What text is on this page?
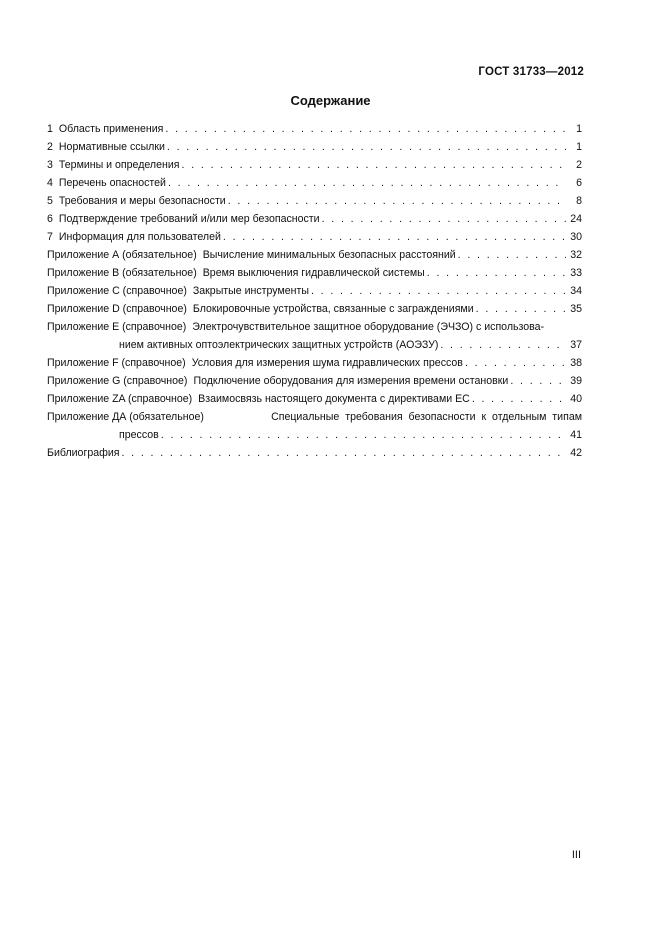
ГОСТ 31733—2012
Содержание
1 Область применения . . .	1
2 Нормативные ссылки . . .	1
3 Термины и определения . . .	2
4 Перечень опасностей . . .	6
5 Требования и меры безопасности . . .	8
6 Подтверждение требований и/или мер безопасности . . .	24
7 Информация для пользователей . . .	30
Приложение А (обязательное) Вычисление минимальных безопасных расстояний . . .	32
Приложение В (обязательное) Время выключения гидравлической системы . . .	33
Приложение С (справочное) Закрытые инструменты . . .	34
Приложение D (справочное) Блокировочные устройства, связанные с заграждениями . . .	35
Приложение Е (справочное) Электрочувствительное защитное оборудование (ЭЧЗО) с использова-
нием активных оптоэлектрических защитных устройств (АОЭЗУ) . . .	37
Приложение F (справочное) Условия для измерения шума гидравлических прессов . . .	38
Приложение G (справочное) Подключение оборудования для измерения времени остановки . . .	39
Приложение ZA (справочное) Взаимосвязь настоящего документа с директивами ЕС . . .	40
Приложение ДА (обязательное)	Специальные требования безопасности к отдельным типам
прессов . . .	41
Библиография . . .	42
III
